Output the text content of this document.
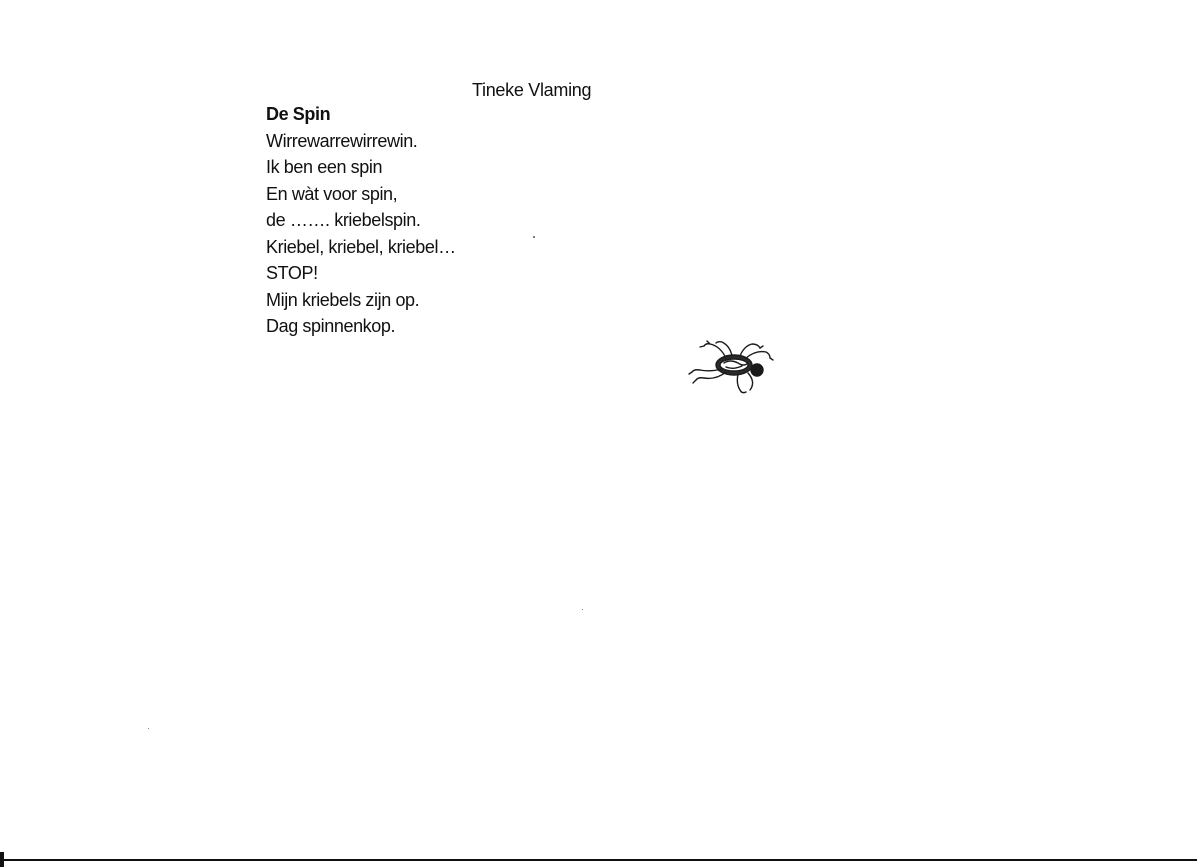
Tineke Vlaming
De Spin
Wirrewarrewirrewin.
Ik ben een spin
En wàt voor spin,
de ……. kriebelspin.
Kriebel, kriebel, kriebel…
STOP!
Mijn kriebels zijn op.
Dag spinnenkop.
